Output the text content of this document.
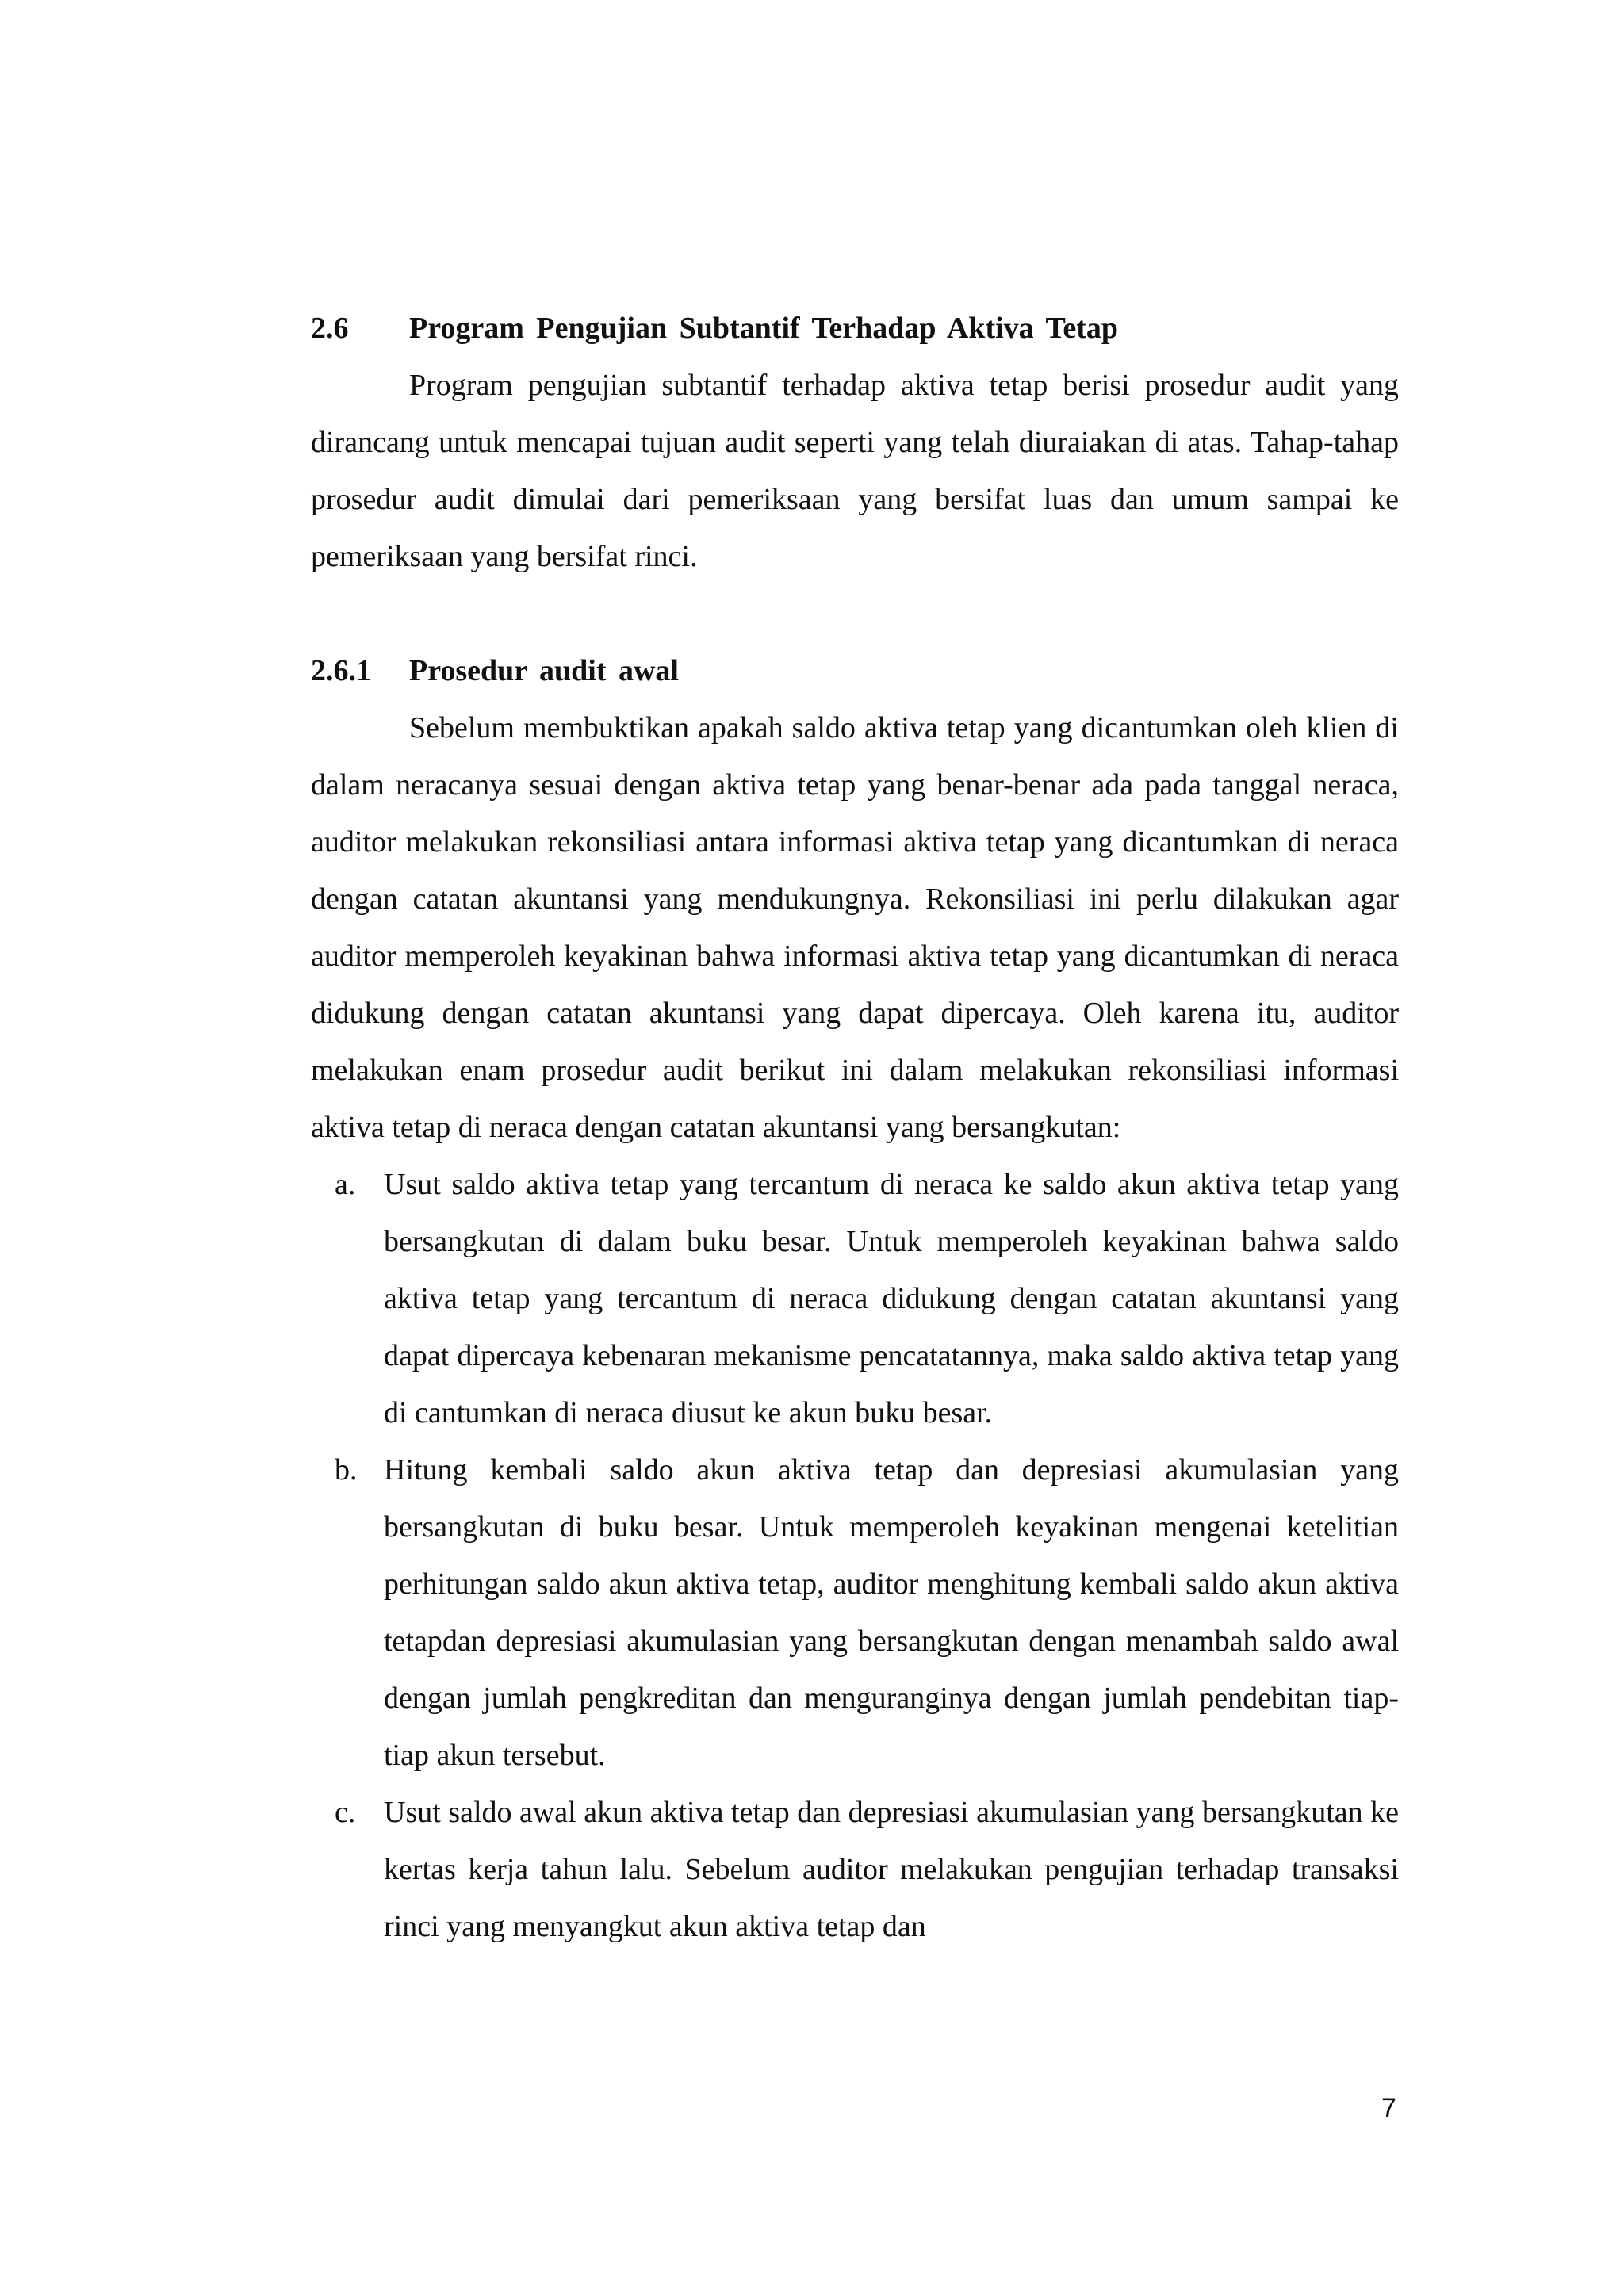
2.6	Program Pengujian Subtantif Terhadap Aktiva Tetap

Program pengujian subtantif terhadap aktiva tetap berisi prosedur audit yang dirancang untuk mencapai tujuan audit seperti yang telah diuraiakan di atas. Tahap-tahap prosedur audit dimulai dari pemeriksaan yang bersifat luas dan umum sampai ke pemeriksaan yang bersifat rinci.

2.6.1	Prosedur audit awal

Sebelum membuktikan apakah saldo aktiva tetap yang dicantumkan oleh klien di dalam neracanya sesuai dengan aktiva tetap yang benar-benar ada pada tanggal neraca, auditor melakukan rekonsiliasi antara informasi aktiva tetap yang dicantumkan di neraca dengan catatan akuntansi yang mendukungnya. Rekonsiliasi ini perlu dilakukan agar auditor memperoleh keyakinan bahwa informasi aktiva tetap yang dicantumkan di neraca didukung dengan catatan akuntansi yang dapat dipercaya. Oleh karena itu, auditor melakukan enam prosedur audit berikut ini dalam melakukan rekonsiliasi informasi aktiva tetap di neraca dengan catatan akuntansi yang bersangkutan:

a. Usut saldo aktiva tetap yang tercantum di neraca ke saldo akun aktiva tetap yang bersangkutan di dalam buku besar. Untuk memperoleh keyakinan bahwa saldo aktiva tetap yang tercantum di neraca didukung dengan catatan akuntansi yang dapat dipercaya kebenaran mekanisme pencatatannya, maka saldo aktiva tetap yang di cantumkan di neraca diusut ke akun buku besar.
b. Hitung kembali saldo akun aktiva tetap dan depresiasi akumulasian yang bersangkutan di buku besar. Untuk memperoleh keyakinan mengenai ketelitian perhitungan saldo akun aktiva tetap, auditor menghitung kembali saldo akun aktiva tetapdan depresiasi akumulasian yang bersangkutan dengan menambah saldo awal dengan jumlah pengkreditan dan menguranginya dengan jumlah pendebitan tiap-tiap akun tersebut.
c. Usut saldo awal akun aktiva tetap dan depresiasi akumulasian yang bersangkutan ke kertas kerja tahun lalu. Sebelum auditor melakukan pengujian terhadap transaksi rinci yang menyangkut akun aktiva tetap dan
7
